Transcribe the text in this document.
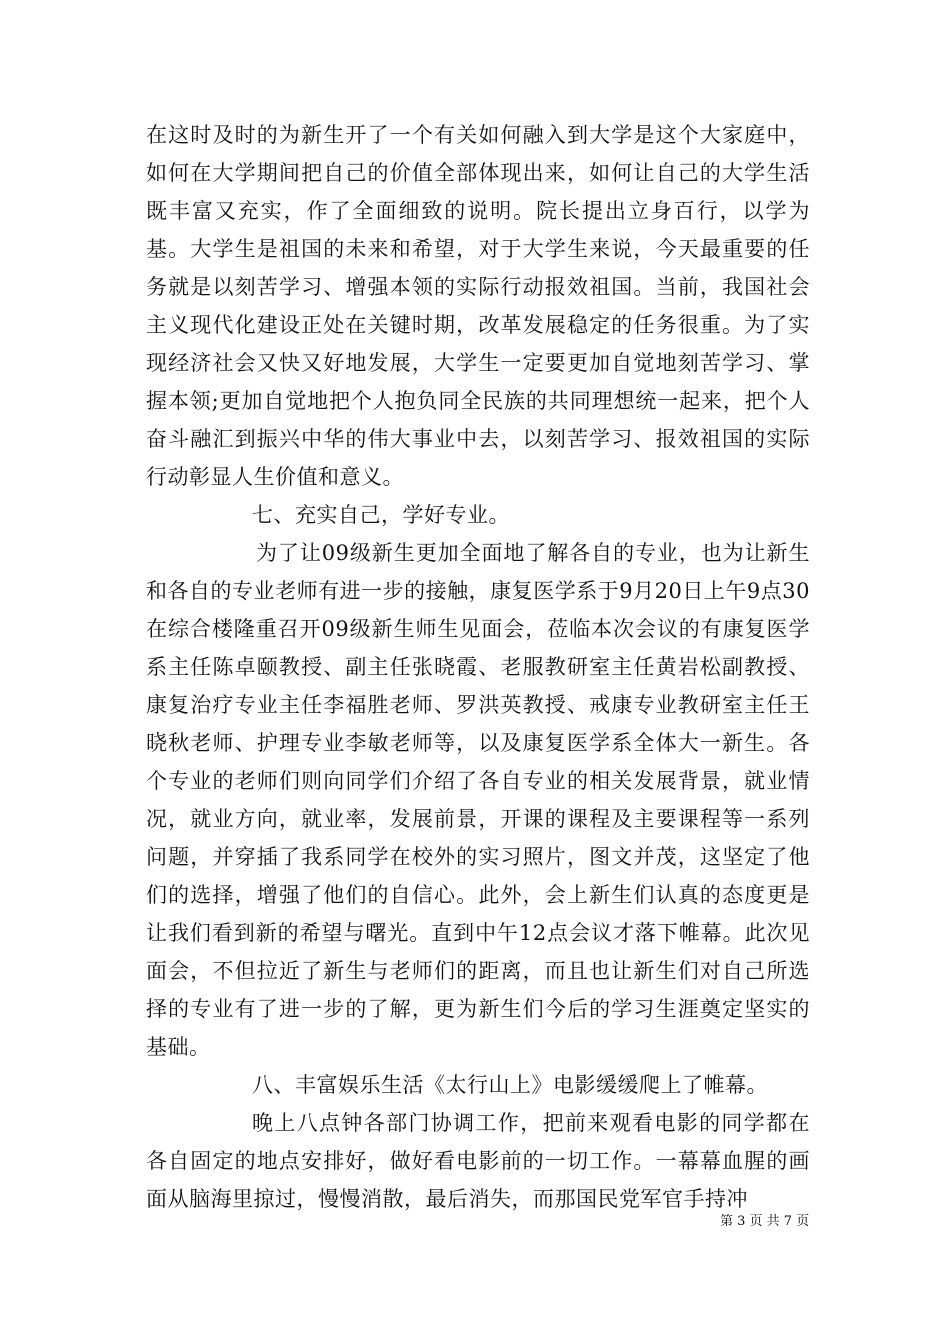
在这时及时的为新生开了一个有关如何融入到大学是这个大家庭中，如何在大学期间把自己的价值全部体现出来，如何让自己的大学生活既丰富又充实，作了全面细致的说明。院长提出立身百行，以学为基。大学生是祖国的未来和希望，对于大学生来说，今天最重要的任务就是以刻苦学习、增强本领的实际行动报效祖国。当前，我国社会主义现代化建设正处在关键时期，改革发展稳定的任务很重。为了实现经济社会又快又好地发展，大学生一定要更加自觉地刻苦学习、掌握本领;更加自觉地把个人抱负同全民族的共同理想统一起来，把个人奋斗融汇到振兴中华的伟大事业中去，以刻苦学习、报效祖国的实际行动彰显人生价值和意义。

七、充实自己，学好专业。

为了让09级新生更加全面地了解各自的专业，也为让新生和各自的专业老师有进一步的接触，康复医学系于9月20日上午9点30在综合楼隆重召开09级新生师生见面会，莅临本次会议的有康复医学系主任陈卓颐教授、副主任张晓霞、老服教研室主任黄岩松副教授、康复治疗专业主任李福胜老师、罗洪英教授、戒康专业教研室主任王晓秋老师、护理专业李敏老师等，以及康复医学系全体大一新生。各个专业的老师们则向同学们介绍了各自专业的相关发展背景，就业情况，就业方向，就业率，发展前景，开课的课程及主要课程等一系列问题，并穿插了我系同学在校外的实习照片，图文并茂，这坚定了他们的选择，增强了他们的自信心。此外，会上新生们认真的态度更是让我们看到新的希望与曙光。直到中午12点会议才落下帷幕。此次见面会，不但拉近了新生与老师们的距离，而且也让新生们对自己所选择的专业有了进一步的了解，更为新生们今后的学习生涯奠定坚实的基础。

八、丰富娱乐生活《太行山上》电影缓缓爬上了帷幕。

晚上八点钟各部门协调工作，把前来观看电影的同学都在各自固定的地点安排好，做好看电影前的一切工作。一幕幕血腥的画面从脑海里掠过，慢慢消散，最后消失，而那国民党军官手持冲

第 3 页 共 7 页
